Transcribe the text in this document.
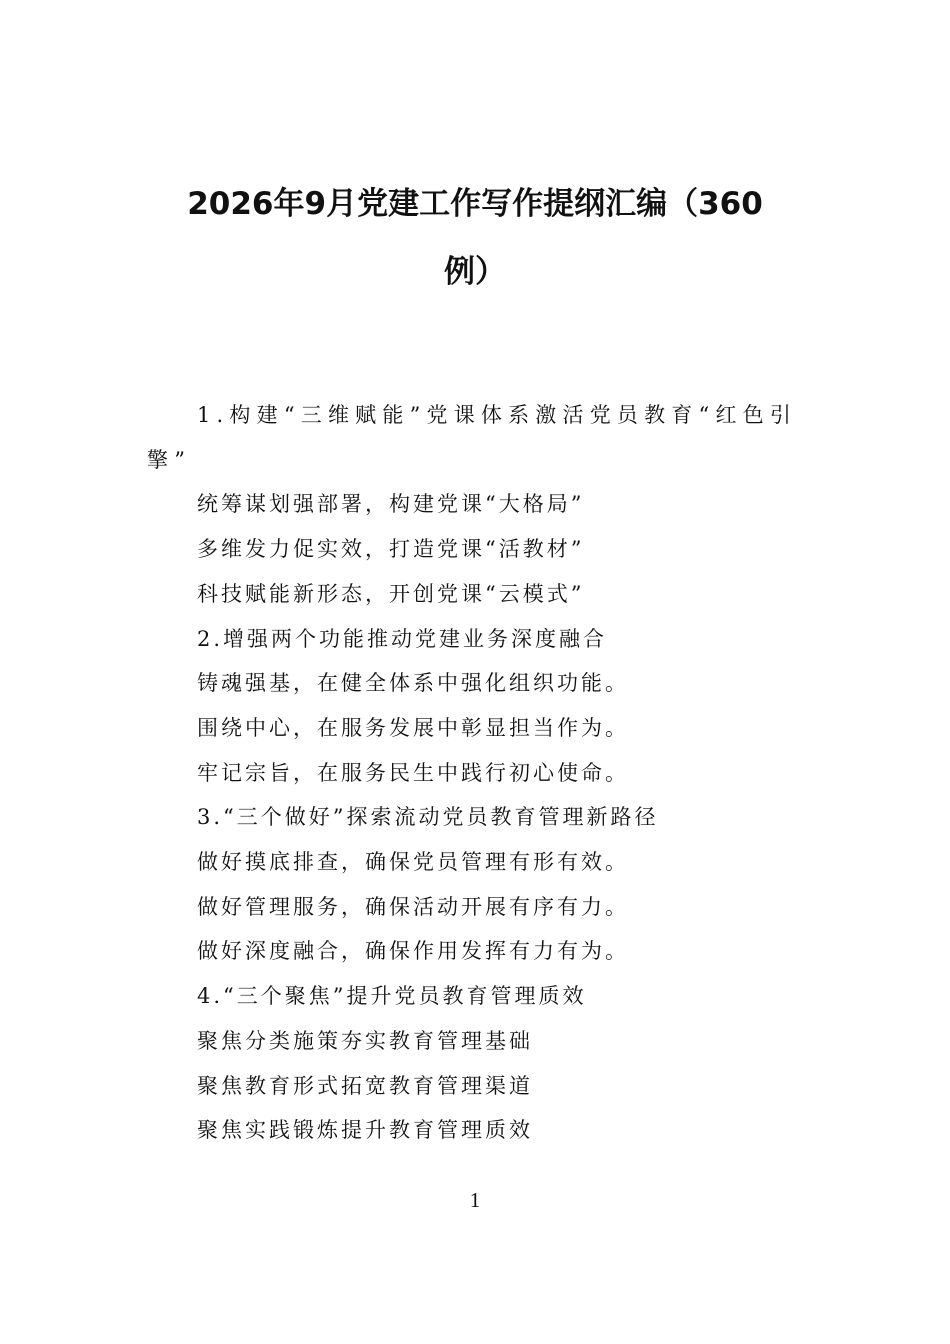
2026年9月党建工作写作提纲汇编（360
例）

1.构建“三维赋能”党课体系激活党员教育“红色引擎”

统筹谋划强部署，构建党课“大格局”

多维发力促实效，打造党课“活教材”

科技赋能新形态，开创党课“云模式”

2.增强两个功能推动党建业务深度融合

铸魂强基，在健全体系中强化组织功能。

围绕中心，在服务发展中彰显担当作为。

牢记宗旨，在服务民生中践行初心使命。

3.“三个做好”探索流动党员教育管理新路径

做好摸底排查，确保党员管理有形有效。

做好管理服务，确保活动开展有序有力。

做好深度融合，确保作用发挥有力有为。

4.“三个聚焦”提升党员教育管理质效

聚焦分类施策夯实教育管理基础

聚焦教育形式拓宽教育管理渠道

聚焦实践锻炼提升教育管理质效

1
